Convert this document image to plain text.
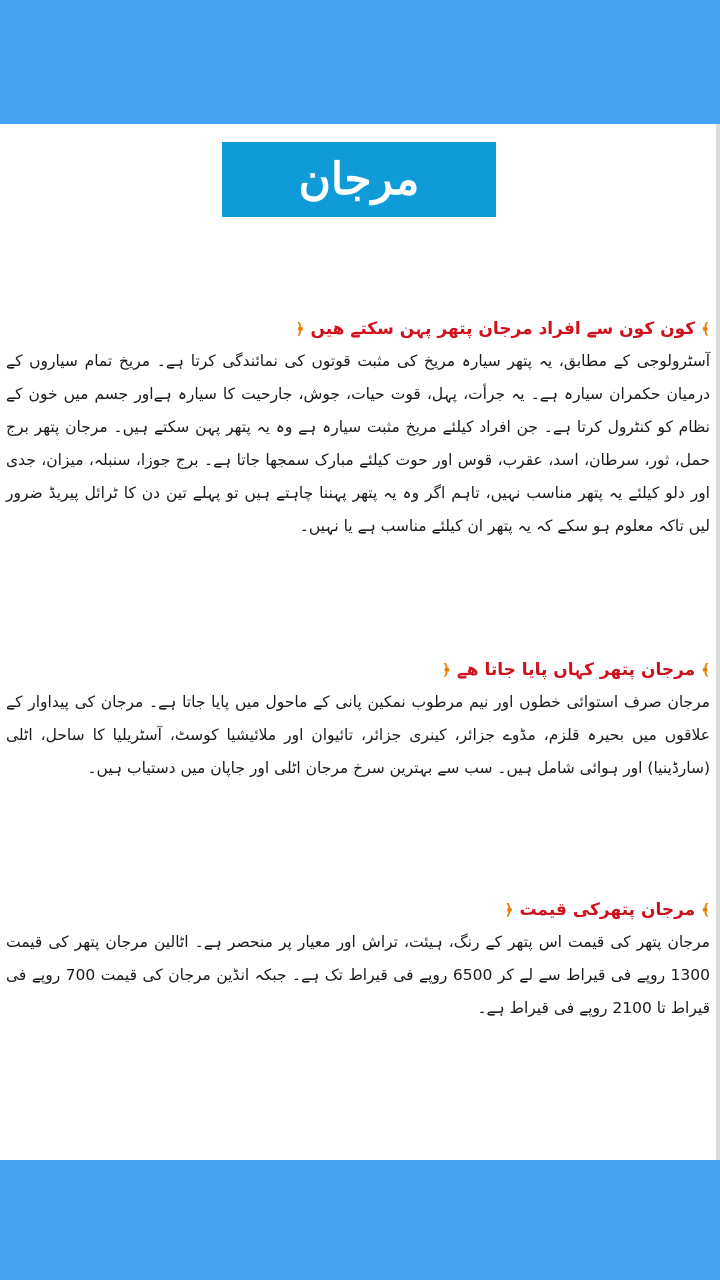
مرجان

﴾
کون کون سے افراد مرجان پتھر پہن سکتے ھیں
﴿

آسٹرولوجی کے مطابق، یہ پتھر سیارہ مریخ کی مثبت قوتوں کی نمائندگی کرتا ہے۔ مریخ تمام سیاروں کے درمیان حکمران سیارہ ہے۔ یہ جرأت، پہل، قوت حیات، جوش، جارحیت کا سیارہ ہےاور جسم میں خون کے نظام کو کنٹرول کرتا ہے۔ جن افراد کیلئے مریخ مثبت سیارہ ہے وہ یہ پتھر پہن سکتے ہیں۔ مرجان پتھر برج حمل، ثور، سرطان، اسد، عقرب، قوس اور حوت کیلئے مبارک سمجھا جاتا ہے۔ برج جوزا، سنبلہ، میزان، جدی اور دلو کیلئے یہ پتھر مناسب نہیں، تاہم اگر وہ یہ پتھر پہننا چاہتے ہیں تو پہلے تین دن کا ٹرائل پیریڈ ضرور لیں تاکہ معلوم ہو سکے کہ یہ پتھر ان کیلئے مناسب ہے یا نہیں۔

﴾
مرجان پتھر کہاں پایا جاتا ھے
﴿

مرجان صرف استوائی خطوں اور نیم مرطوب نمکین پانی کے ماحول میں پایا جاتا ہے۔ مرجان کی پیداوار کے علاقوں میں بحیرہ قلزم، مڈوے جزائر، کینری جزائر، تائیوان اور ملائیشیا کوسٹ، آسٹریلیا کا ساحل، اٹلی (سارڈینیا) اور ہوائی شامل ہیں۔ سب سے بہترین سرخ مرجان اٹلی اور جاپان میں دستیاب ہیں۔

﴾
مرجان پتھرکی قیمت
﴿

مرجان پتھر کی قیمت اس پتھر کے رنگ، ہیئت، تراش اور معیار پر منحصر ہے۔ اٹالین مرجان پتھر کی قیمت 1300 روپے فی قیراط سے لے کر 6500 روپے فی قیراط تک ہے۔ جبکہ انڈین مرجان کی قیمت 700 روپے فی قیراط تا 2100 روپے فی قیراط ہے۔
